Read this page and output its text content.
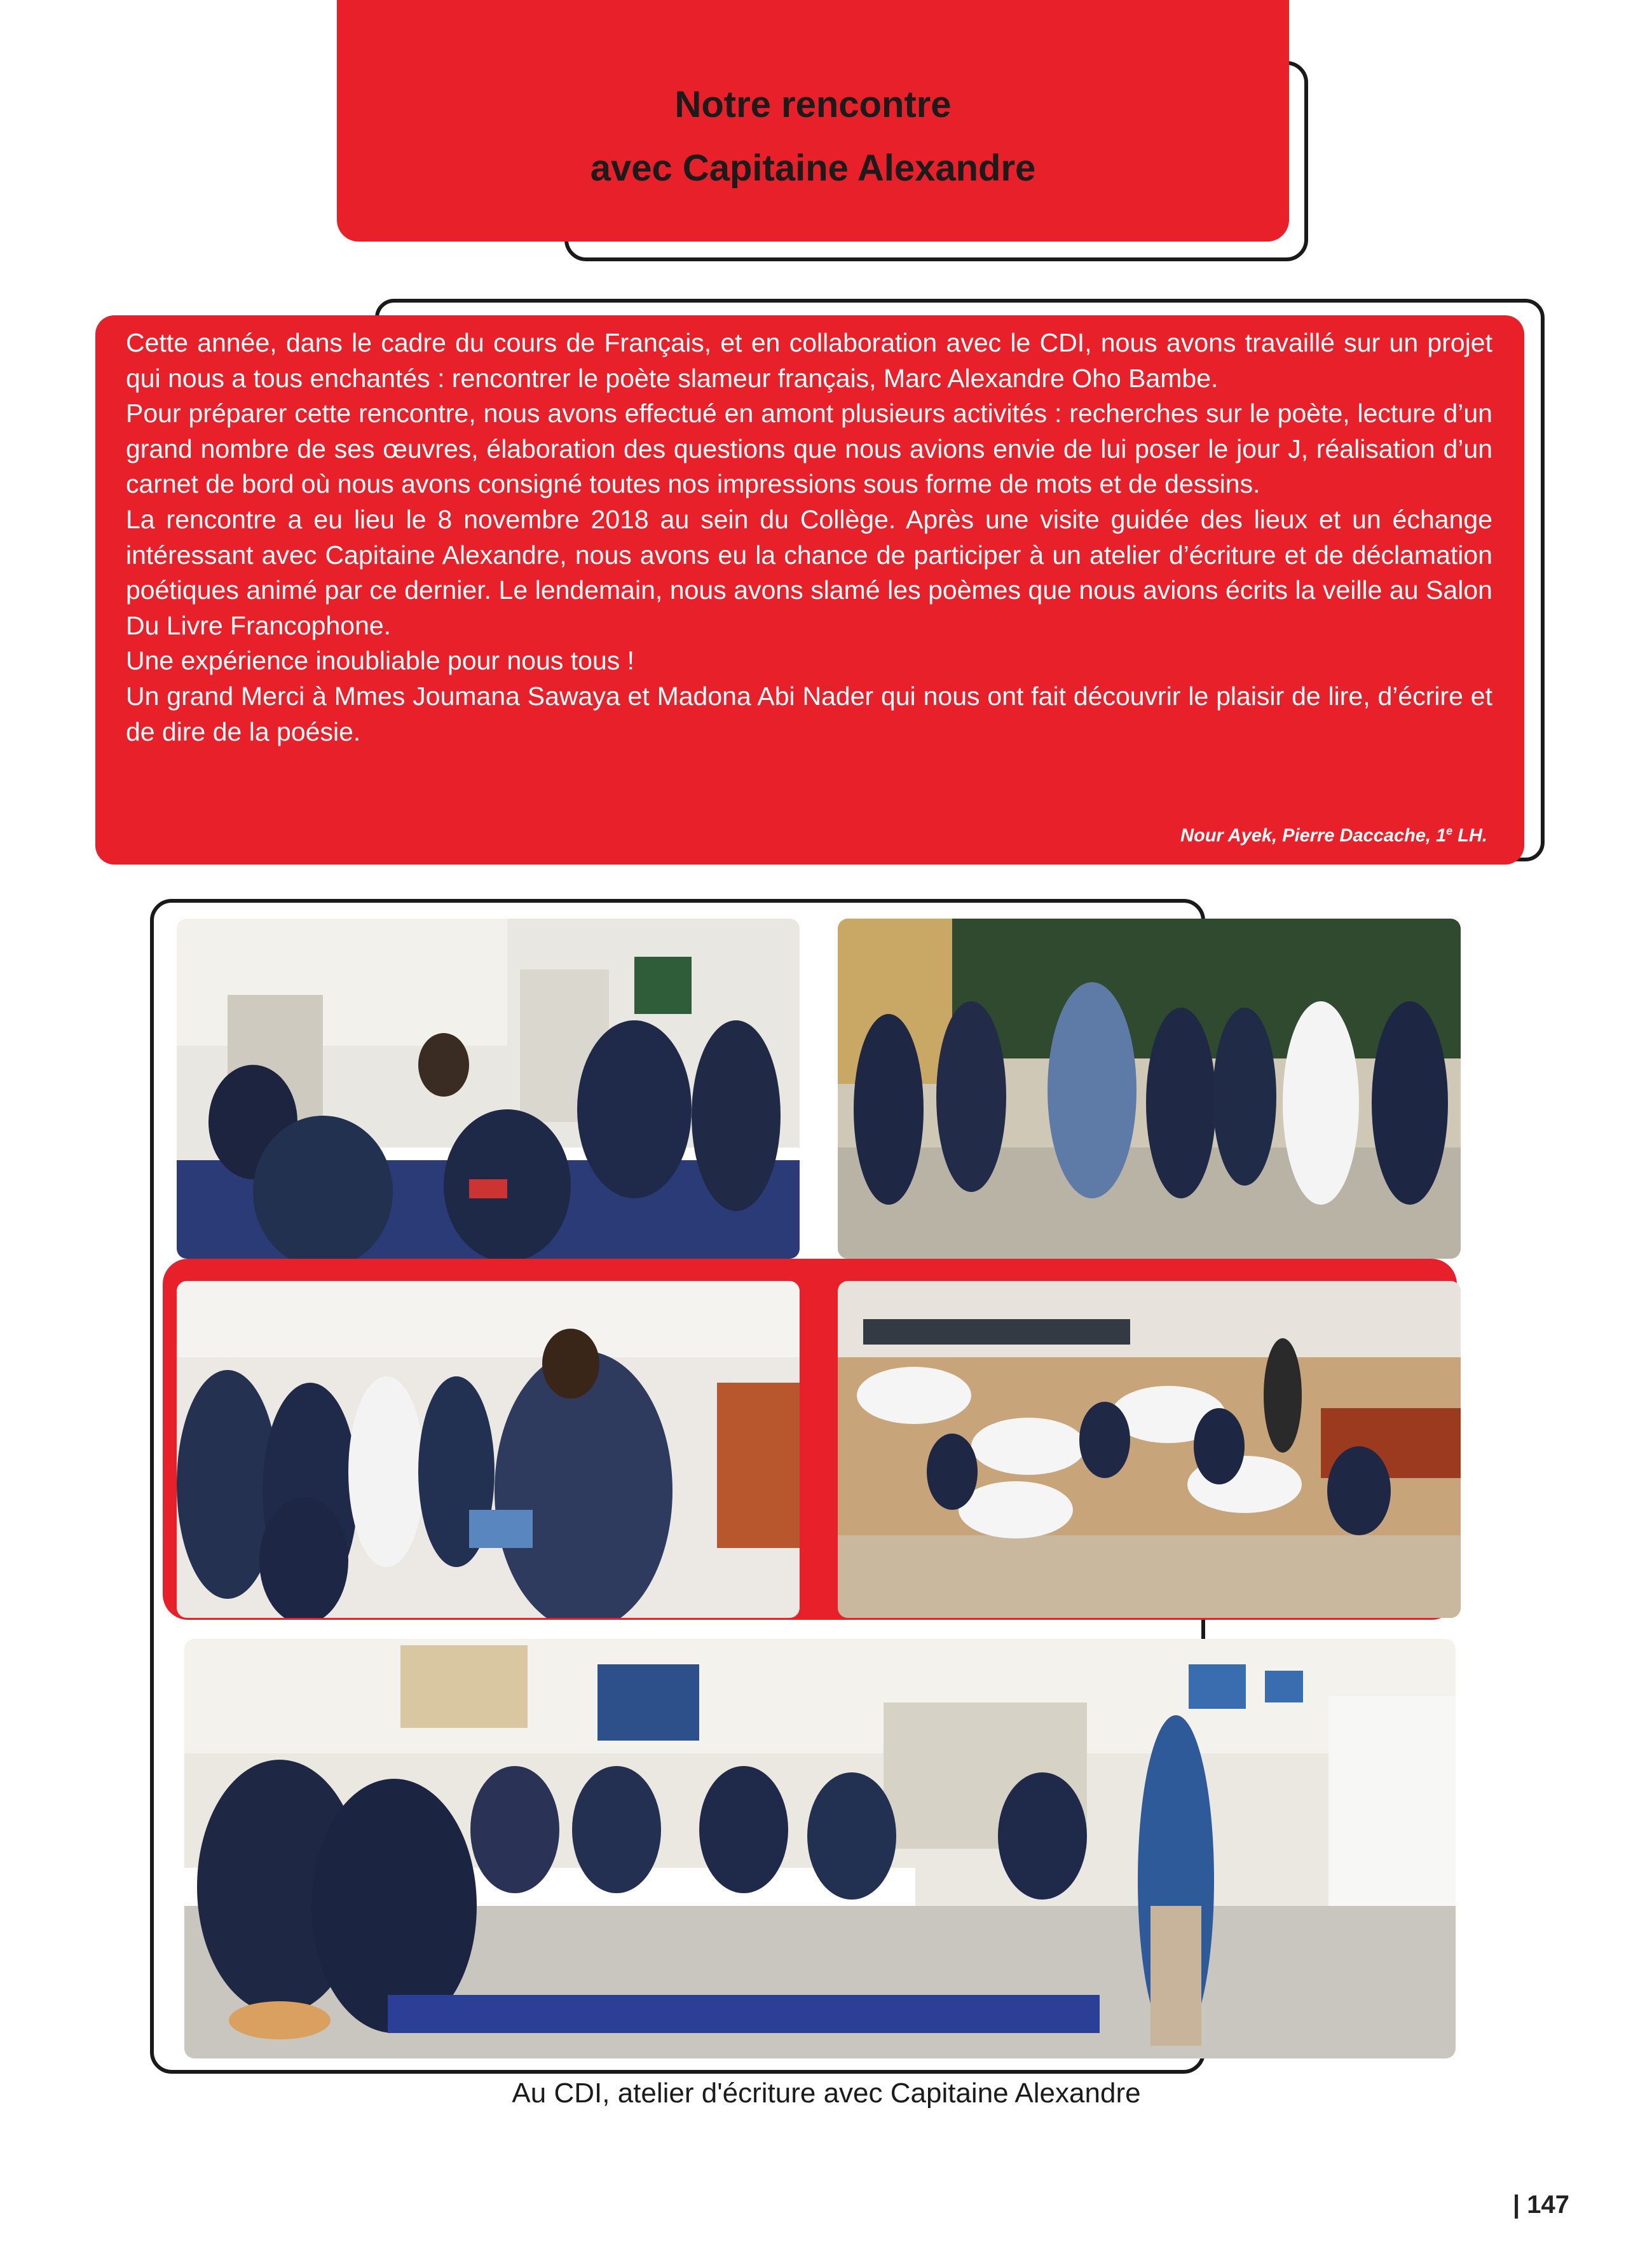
Notre rencontre
avec Capitaine Alexandre

Cette année, dans le cadre du cours de Français, et en collaboration avec le CDI, nous avons travaillé sur un projet qui nous a tous enchantés : rencontrer le poète slameur français, Marc Alexandre Oho Bambe.

Pour préparer cette rencontre, nous avons effectué en amont plusieurs activités : recherches sur le poète, lecture d’un grand nombre de ses œuvres, élaboration des questions que nous avions envie de lui poser le jour J, réalisation d’un carnet de bord où nous avons consigné toutes nos impressions sous forme de mots et de dessins.

La rencontre a eu lieu le 8 novembre 2018 au sein du Collège. Après une visite guidée des lieux et un échange intéressant avec Capitaine Alexandre, nous avons eu la chance de participer à un atelier d’écriture et de déclamation poétiques animé par ce dernier. Le lendemain, nous avons slamé les poèmes que nous avions écrits la veille au Salon Du Livre Francophone.

Une expérience inoubliable pour nous tous !

Un grand Merci à Mmes Joumana Sawaya et Madona Abi Nader qui nous ont fait découvrir le plaisir de lire, d’écrire et de dire de la poésie.

Nour Ayek, Pierre Daccache, 1e LH.
Au CDI, atelier d'écriture avec Capitaine Alexandre
| 147
